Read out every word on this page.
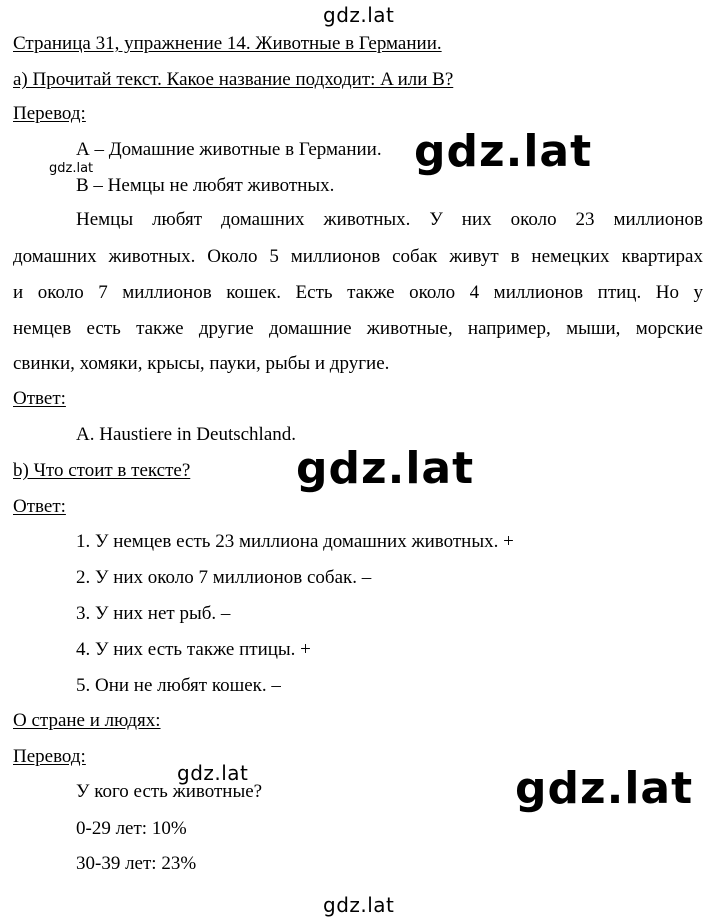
gdz.lat
gdz.lat
gdz.lat
gdz.lat
gdz.lat	gdz.lat
gdz.lat
Страница 31, упражнение 14. Животные в Германии.
a) Прочитай текст. Какое название подходит: A или B?
Перевод:
А – Домашние животные в Германии.
В – Немцы не любят животных.
Немцы любят домашних животных. У них около 23 миллионов
домашних животных. Около 5 миллионов собак живут в немецких квартирах
и около 7 миллионов кошек. Есть также около 4 миллионов птиц. Но у
немцев есть также другие домашние животные, например, мыши, морские
свинки, хомяки, крысы, пауки, рыбы и другие.
Ответ:
A. Haustiere in Deutschland.
b) Что стоит в тексте?
Ответ:
1. У немцев есть 23 миллиона домашних животных. +
2. У них около 7 миллионов собак. –
3. У них нет рыб. –
4. У них есть также птицы. +
5. Они не любят кошек. –
О стране и людях:
Перевод:
У кого есть животные?
0-29 лет: 10%
30-39 лет: 23%
